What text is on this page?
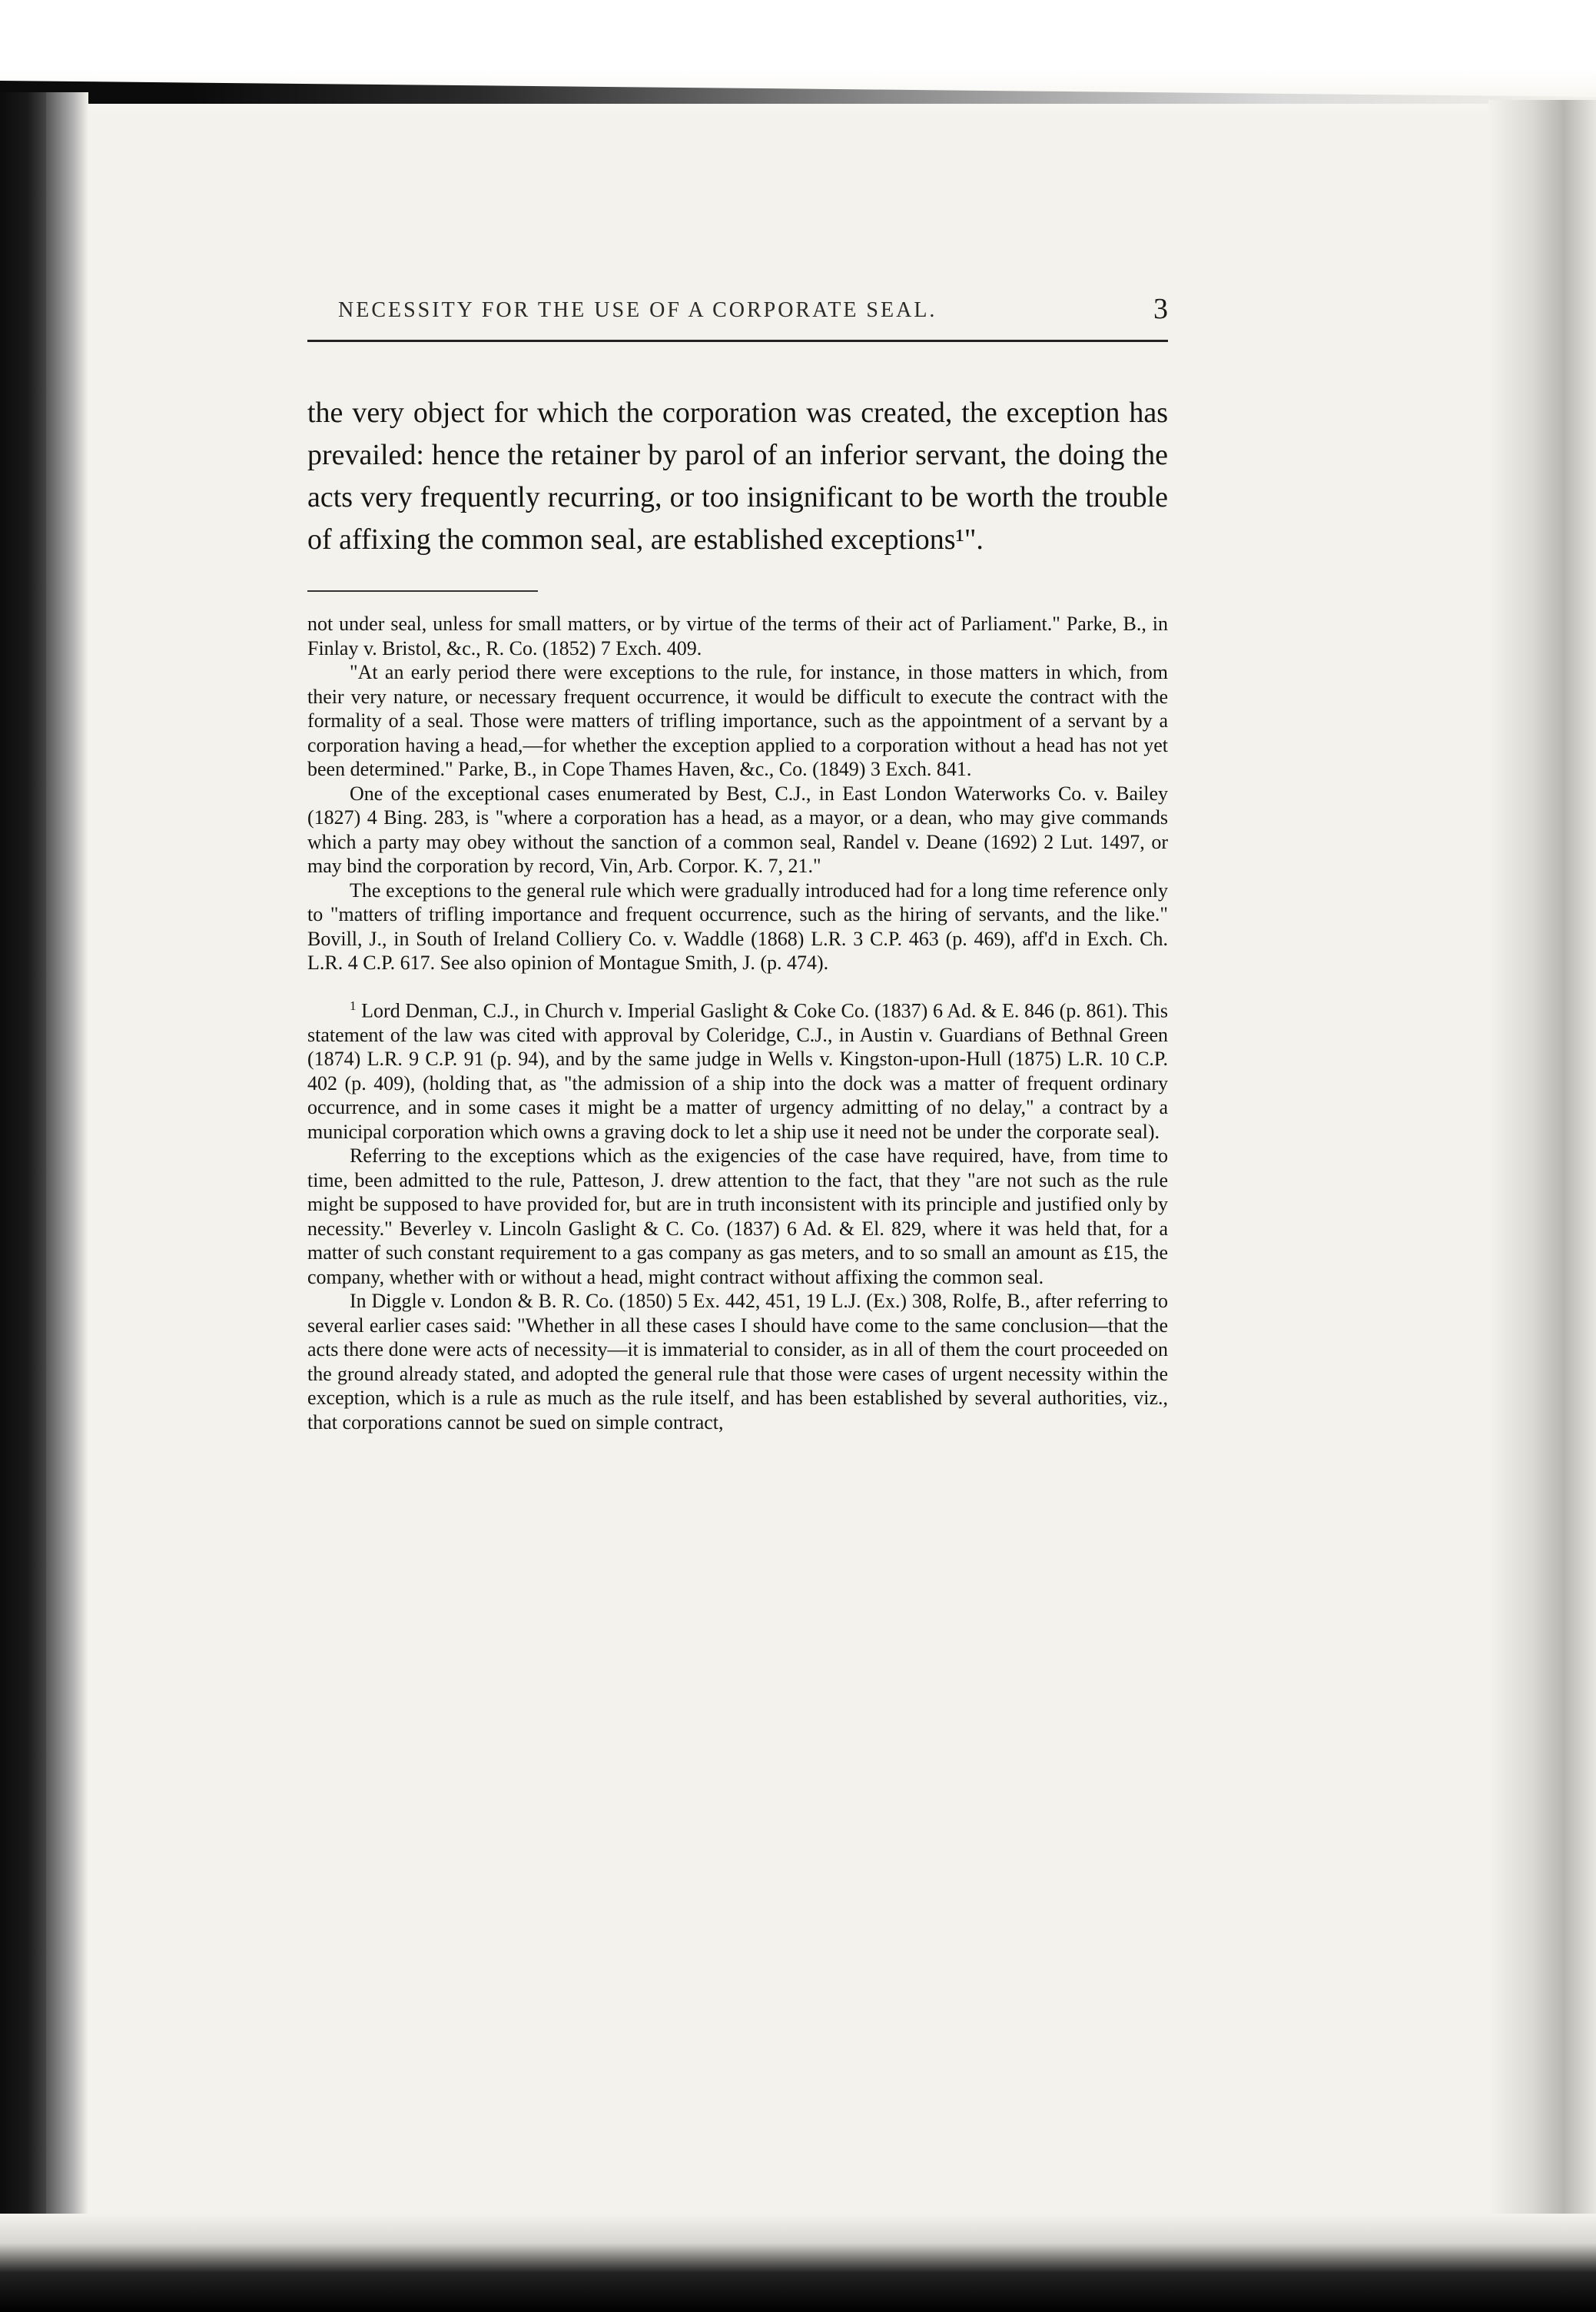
NECESSITY FOR THE USE OF A CORPORATE SEAL.	3

the very object for which the corporation was created, the exception has prevailed: hence the retainer by parol of an inferior servant, the doing the acts very frequently recurring, or too insignificant to be worth the trouble of affixing the common seal, are established exceptions¹".

not under seal, unless for small matters, or by virtue of the terms of their act of Parliament." Parke, B., in Finlay v. Bristol, &c., R. Co. (1852) 7 Exch. 409.

"At an early period there were exceptions to the rule, for instance, in those matters in which, from their very nature, or necessary frequent occurrence, it would be difficult to execute the contract with the formality of a seal. Those were matters of trifling importance, such as the appointment of a servant by a corporation having a head,—for whether the exception applied to a corporation without a head has not yet been determined." Parke, B., in Cope Thames Haven, &c., Co. (1849) 3 Exch. 841.

One of the exceptional cases enumerated by Best, C.J., in East London Waterworks Co. v. Bailey (1827) 4 Bing. 283, is "where a corporation has a head, as a mayor, or a dean, who may give commands which a party may obey without the sanction of a common seal, Randel v. Deane (1692) 2 Lut. 1497, or may bind the corporation by record, Vin, Arb. Corpor. K. 7, 21."

The exceptions to the general rule which were gradually introduced had for a long time reference only to "matters of trifling importance and frequent occurrence, such as the hiring of servants, and the like." Bovill, J., in South of Ireland Colliery Co. v. Waddle (1868) L.R. 3 C.P. 463 (p. 469), aff'd in Exch. Ch. L.R. 4 C.P. 617. See also opinion of Montague Smith, J. (p. 474).

$^1$ Lord Denman, C.J., in Church v. Imperial Gaslight & Coke Co. (1837) 6 Ad. & E. 846 (p. 861). This statement of the law was cited with approval by Coleridge, C.J., in Austin v. Guardians of Bethnal Green (1874) L.R. 9 C.P. 91 (p. 94), and by the same judge in Wells v. Kingston-upon-Hull (1875) L.R. 10 C.P. 402 (p. 409), (holding that, as "the admission of a ship into the dock was a matter of frequent ordinary occurrence, and in some cases it might be a matter of urgency admitting of no delay," a contract by a municipal corporation which owns a graving dock to let a ship use it need not be under the corporate seal).

Referring to the exceptions which as the exigencies of the case have required, have, from time to time, been admitted to the rule, Patteson, J. drew attention to the fact, that they "are not such as the rule might be supposed to have provided for, but are in truth inconsistent with its principle and justified only by necessity." Beverley v. Lincoln Gaslight & C. Co. (1837) 6 Ad. & El. 829, where it was held that, for a matter of such constant requirement to a gas company as gas meters, and to so small an amount as £15, the company, whether with or without a head, might contract without affixing the common seal.

In Diggle v. London & B. R. Co. (1850) 5 Ex. 442, 451, 19 L.J. (Ex.) 308, Rolfe, B., after referring to several earlier cases said: "Whether in all these cases I should have come to the same conclusion—that the acts there done were acts of necessity—it is immaterial to consider, as in all of them the court proceeded on the ground already stated, and adopted the general rule that those were cases of urgent necessity within the exception, which is a rule as much as the rule itself, and has been established by several authorities, viz., that corporations cannot be sued on simple contract,
